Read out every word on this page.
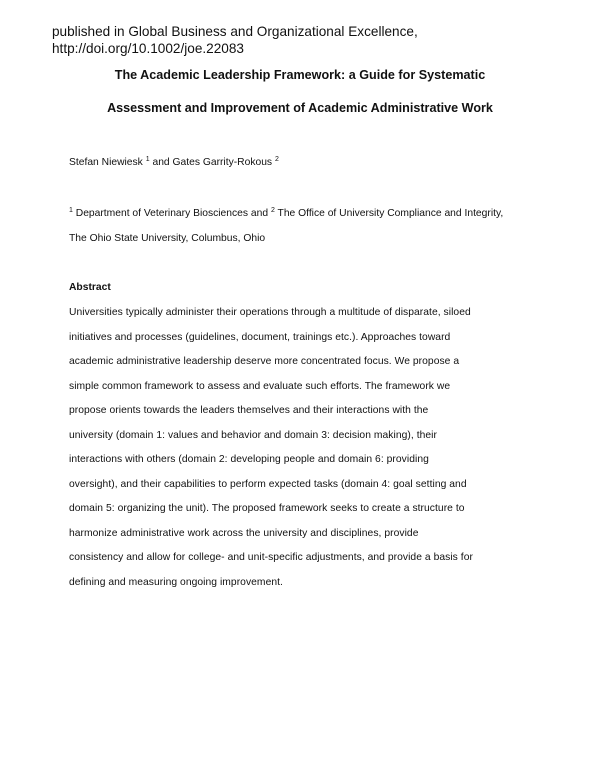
published in Global Business and Organizational Excellence,
http://doi.org/10.1002/joe.22083
The Academic Leadership Framework: a Guide for Systematic
Assessment and Improvement of Academic Administrative Work
Stefan Niewiesk $^1$ and Gates Garrity-Rokous $^2$
$^1$ Department of Veterinary Biosciences and $^2$ The Office of University Compliance and Integrity,
The Ohio State University, Columbus, Ohio
Abstract
Universities typically administer their operations through a multitude of disparate, siloed
initiatives and processes (guidelines, document, trainings etc.). Approaches toward
academic administrative leadership deserve more concentrated focus. We propose a
simple common framework to assess and evaluate such efforts. The framework we
propose orients towards the leaders themselves and their interactions with the
university (domain 1: values and behavior and domain 3: decision making), their
interactions with others (domain 2: developing people and domain 6: providing
oversight), and their capabilities to perform expected tasks (domain 4: goal setting and
domain 5: organizing the unit). The proposed framework seeks to create a structure to
harmonize administrative work across the university and disciplines, provide
consistency and allow for college- and unit-specific adjustments, and provide a basis for
defining and measuring ongoing improvement.
